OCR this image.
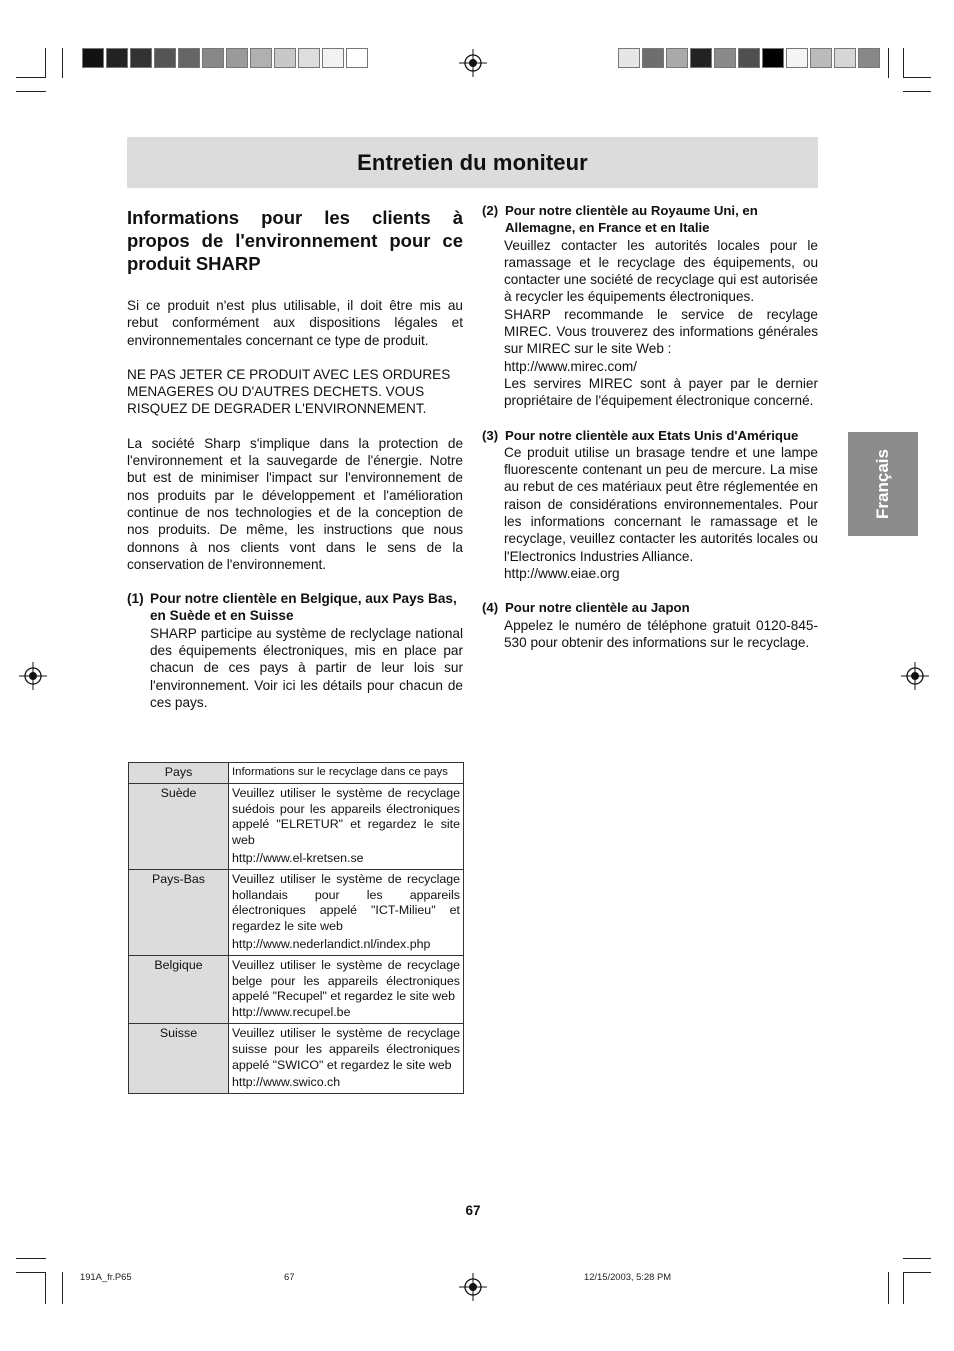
Entretien du moniteur
Français
Informations pour les clients à propos de l'environnement pour ce produit SHARP

Si ce produit n'est plus utilisable, il doit être mis au rebut conformément aux dispositions légales et environnementales concernant ce type de produit.

NE PAS JETER CE PRODUIT AVEC LES ORDURES MENAGERES OU D'AUTRES DECHETS. VOUS RISQUEZ DE DEGRADER L'ENVIRONNEMENT.

La société Sharp s'implique dans la protection de l'environnement et la sauvegarde de l'énergie. Notre but est de minimiser l'impact sur l'environnement de nos produits par le développement et l'amélioration continue de nos technologies et de la conception de nos produits. De même, les instructions que nous donnons à nos clients vont dans le sens de la conservation de l'environnement.

(1) Pour notre clientèle en Belgique, aux Pays Bas, en Suède et en Suisse
SHARP participe au système de reclyclage national des équipements électroniques, mis en place par chacun de ces pays à partir de leur lois sur l'environnement. Voir ici les détails pour chacun de ces pays.
Pays	Informations sur le recyclage dans ce pays
Suède	Veuillez utiliser le système de recyclage suédois pour les appareils électroniques appelé "ELRETUR" et regardez le site web
http://www.el-kretsen.se

Pays-Bas	Veuillez utiliser le système de recyclage hollandais pour les appareils électroniques appelé "ICT-Milieu" et regardez le site web
http://www.nederlandict.nl/index.php

Belgique	Veuillez utiliser le système de recyclage belge pour les appareils électroniques appelé "Recupel" et regardez le site web
http://www.recupel.be

Suisse	Veuillez utiliser le système de recyclage suisse pour les appareils électroniques appelé "SWICO" et regardez le site web
http://www.swico.ch
(2) Pour notre clientèle au Royaume Uni, en Allemagne, en France et en Italie
Veuillez contacter les autorités locales pour le ramassage et le recyclage des équipements, ou contacter une société de recyclage qui est autorisée à recycler les équipements électroniques.
SHARP recommande le service de recylage MIREC. Vous trouverez des informations générales sur MIREC sur le site Web :
http://www.mirec.com/
Les servires MIREC sont à payer par le dernier propriétaire de l'équipement électronique concerné.
(3) Pour notre clientèle aux Etats Unis d'Amérique
Ce produit utilise un brasage tendre et une lampe fluorescente contenant un peu de mercure. La mise au rebut de ces matériaux peut être réglementée en raison de considérations environnementales. Pour les informations concernant le ramassage et le recyclage, veuillez contacter les autorités locales ou l'Electronics Industries Alliance.
http://www.eiae.org
(4) Pour notre clientèle au Japon
Appelez le numéro de téléphone gratuit 0120-845-530 pour obtenir des informations sur le recyclage.
67
191A_fr.P65	67	12/15/2003, 5:28 PM
